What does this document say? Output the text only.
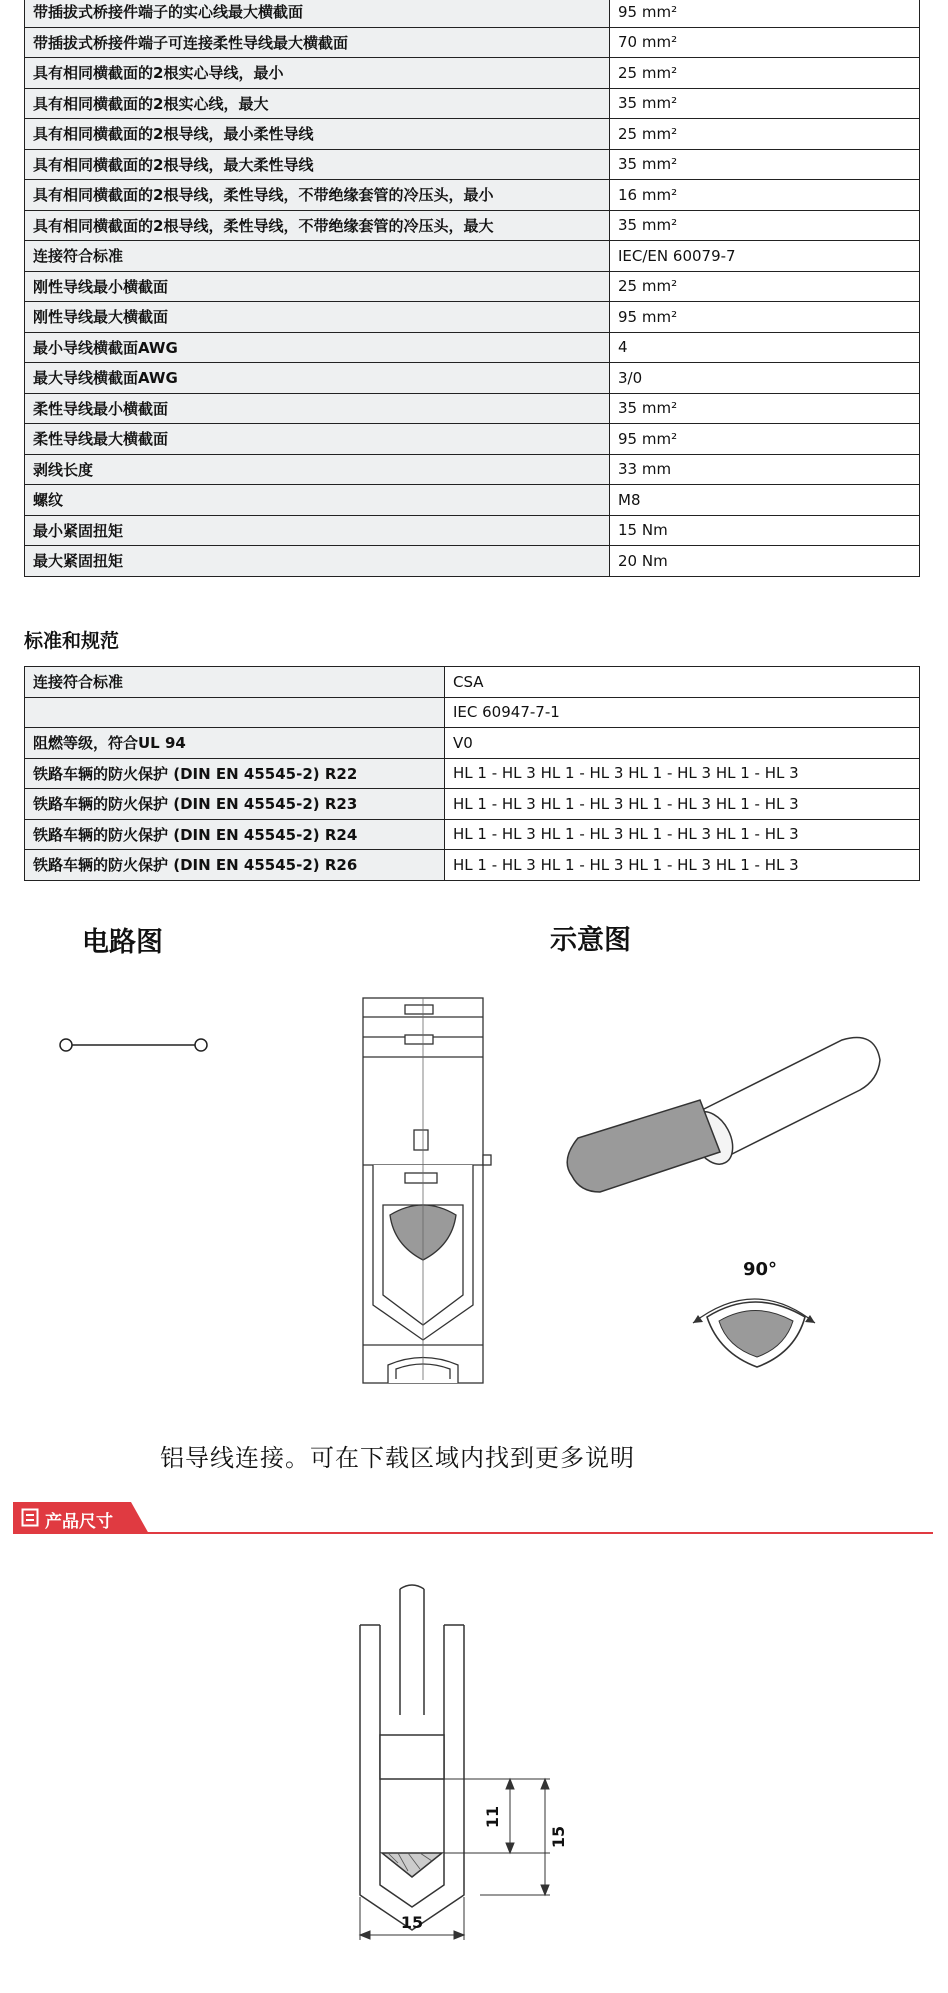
带插拔式桥接件端子的实心线最大横截面	95 mm²
带插拔式桥接件端子可连接柔性导线最大横截面	70 mm²
具有相同横截面的2根实心导线，最小	25 mm²
具有相同横截面的2根实心线，最大	35 mm²
具有相同横截面的2根导线，最小柔性导线	25 mm²
具有相同横截面的2根导线，最大柔性导线	35 mm²
具有相同横截面的2根导线，柔性导线，不带绝缘套管的冷压头，最小	16 mm²
具有相同横截面的2根导线，柔性导线，不带绝缘套管的冷压头，最大	35 mm²
连接符合标准	IEC/EN 60079-7
刚性导线最小横截面	25 mm²
刚性导线最大横截面	95 mm²
最小导线横截面AWG	4
最大导线横截面AWG	3/0
柔性导线最小横截面	35 mm²
柔性导线最大横截面	95 mm²
剥线长度	33 mm
螺纹	M8
最小紧固扭矩	15 Nm
最大紧固扭矩	20 Nm
标准和规范
连接符合标准	CSA
	IEC 60947-7-1
阻燃等级，符合UL 94	V0
铁路车辆的防火保护 (DIN EN 45545-2) R22	HL 1 - HL 3 HL 1 - HL 3 HL 1 - HL 3 HL 1 - HL 3
铁路车辆的防火保护 (DIN EN 45545-2) R23	HL 1 - HL 3 HL 1 - HL 3 HL 1 - HL 3 HL 1 - HL 3
铁路车辆的防火保护 (DIN EN 45545-2) R24	HL 1 - HL 3 HL 1 - HL 3 HL 1 - HL 3 HL 1 - HL 3
铁路车辆的防火保护 (DIN EN 45545-2) R26	HL 1 - HL 3 HL 1 - HL 3 HL 1 - HL 3 HL 1 - HL 3
电路图	示意图
90°
铝导线连接。可在下载区域内找到更多说明
产品尺寸
15
11
15
